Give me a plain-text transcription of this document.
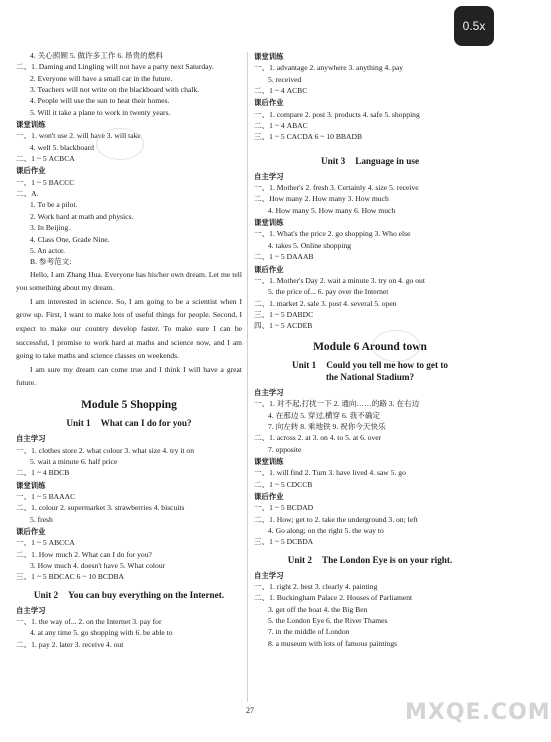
0.5x
4. 关心照顾 5. 做许多工作 6. 昂贵的燃料
二、1. Daming and Lingling will not have a party next Saturday.
2. Everyone will have a small car in the future.
3. Teachers will not write on the blackboard with chalk.
4. People will use the sun to heat their homes.
5. Will it take a plane to work in twenty years.
课堂训练
一、1. won't use 2. will have 3. will take
4. well 5. blackboard
二、1 ~ 5 ACBCA
课后作业
一、1 ~ 5 BACCC
二、A.
1. To be a pilot.
2. Work hard at math and physics.
3. In Beijing.
4. Class One, Grade Nine.
5. An actor.
B. 参考范文:
Hello, I am Zhang Hua. Everyone has his/her own dream. Let me tell you something about my dream.
I am interested in science. So, I am going to be a scientist when I grow up. First, I want to make lots of useful things for people. Second, I expect to make our country develop faster. To make sure I can be successful, I promise to work hard at maths and science now, and I am going to take maths and science classes on weekends.
I am sure my dream can come true and I think I will have a great future.
Module 5 Shopping
Unit 1 What can I do for you?
自主学习
一、1. clothes store 2. what colour 3. what size 4. try it on
5. wait a minute 6. half price
二、1 ~ 4 BDCB
课堂训练
一、1 ~ 5 BAAAC
二、1. colour 2. supermarket 3. strawberries 4. biscuits
5. fresh
课后作业
一、1 ~ 5 ABCCA
二、1. How much 2. What can I do for you?
3. How much 4. doesn't have 5. What colour
三、1 ~ 5 BDCAC 6 ~ 10 BCDBA
Unit 2 You can buy everything on the Internet.
自主学习
一、1. the way of... 2. on the Internet 3. pay for
4. at any time 5. go shopping with 6. be able to
二、1. pay 2. later 3. receive 4. out
课堂训练
一、1. advantage 2. anywhere 3. anything 4. pay
5. received
二、1 ~ 4 ACBC
课后作业
一、1. compare 2. post 3. products 4. safe 5. shopping
二、1 ~ 4 ABAC
三、1 ~ 5 CACDA 6 ~ 10 BBADB
Unit 3 Language in use
自主学习
一、1. Mother's 2. fresh 3. Certainly 4. size 5. receive
二、How many 2. How many 3. How much
4. How many 5. How many 6. How much
课堂训练
一、1. What's the price 2. go shopping 3. Who else
4. takes 5. Online shopping
二、1 ~ 5 DAAAB
课后作业
一、1. Mother's Day 2. wait a minute 3. try on 4. go out
5. the price of... 6. pay over the Internet
二、1. market 2. sale 3. post 4. several 5. open
三、1 ~ 5 DABDC
四、1 ~ 5 ACDEB
Module 6 Around town
Unit 1 Could you tell me how to get to
the National Stadium?
自主学习
一、1. 对不起,打扰一下 2. 通向……的路 3. 在右边
4. 在那边 5. 穿过,横穿 6. 我不确定
7. 向左转 8. 乘地铁 9. 祝你今天快乐
二、1. across 2. at 3. on 4. to 5. at 6. over
7. opposite
课堂训练
一、1. will find 2. Turn 3. have lived 4. saw 5. go
二、1 ~ 5 CDCCB
课后作业
一、1 ~ 5 BCDAD
二、1. How; get to 2. take the underground 3. on; left
4. Go along; on the right 5. the way to
三、1 ~ 5 DCBDA
Unit 2 The London Eye is on your right.
自主学习
一、1. right 2. best 3. clearly 4. painting
二、1. Buckingham Palace 2. Houses of Parliament
3. get off the boat 4. the Big Ben
5. the London Eye 6. the River Thames
7. in the middle of London
8. a museum with lots of famous paintings
27	MXQE.COM
